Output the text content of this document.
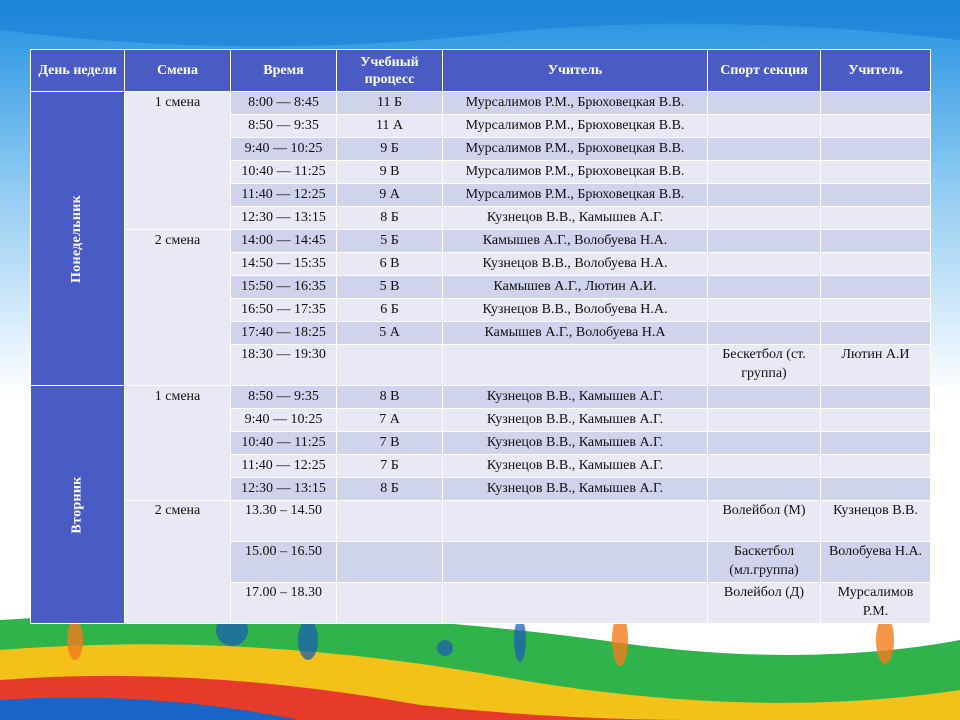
День недели	Смена	Время	Учебный процесс	Учитель	Спорт секция	Учитель
Понедельник	1 смена	8:00 — 8:45	11 Б	Мурсалимов Р.М., Брюховецкая В.В.		
		8:50 — 9:35	11 А	Мурсалимов Р.М., Брюховецкая В.В.		
		9:40 — 10:25	9 Б	Мурсалимов Р.М., Брюховецкая В.В.		
		10:40 — 11:25	9 В	Мурсалимов Р.М., Брюховецкая В.В.		
		11:40 — 12:25	9 А	Мурсалимов Р.М., Брюховецкая В.В.		
		12:30 — 13:15	8 Б	Кузнецов В.В., Камышев А.Г.		
	2 смена	14:00 — 14:45	5 Б	Камышев А.Г., Волобуева Н.А.		
		14:50 — 15:35	6 В	Кузнецов В.В., Волобуева Н.А.		
		15:50 — 16:35	5 В	Камышев А.Г., Лютин А.И.		
		16:50 — 17:35	6 Б	Кузнецов В.В., Волобуева Н.А.		
		17:40 — 18:25	5 А	Камышев А.Г., Волобуева Н.А		
		18:30 — 19:30			Бескетбол (ст. группа)	Лютин А.И
Вторник	1 смена	8:50 — 9:35	8 В	Кузнецов В.В., Камышев А.Г.		
		9:40 — 10:25	7 А	Кузнецов В.В., Камышев А.Г.		
		10:40 — 11:25	7 В	Кузнецов В.В., Камышев А.Г.		
		11:40 — 12:25	7 Б	Кузнецов В.В., Камышев А.Г.		
		12:30 — 13:15	8 Б	Кузнецов В.В., Камышев А.Г.		
	2 смена	13.30 – 14.50			Волейбол (М)	Кузнецов В.В.
		15.00 – 16.50			Баскетбол (мл.группа)	Волобуева Н.А.
		17.00 – 18.30			Волейбол (Д)	Мурсалимов Р.М.
